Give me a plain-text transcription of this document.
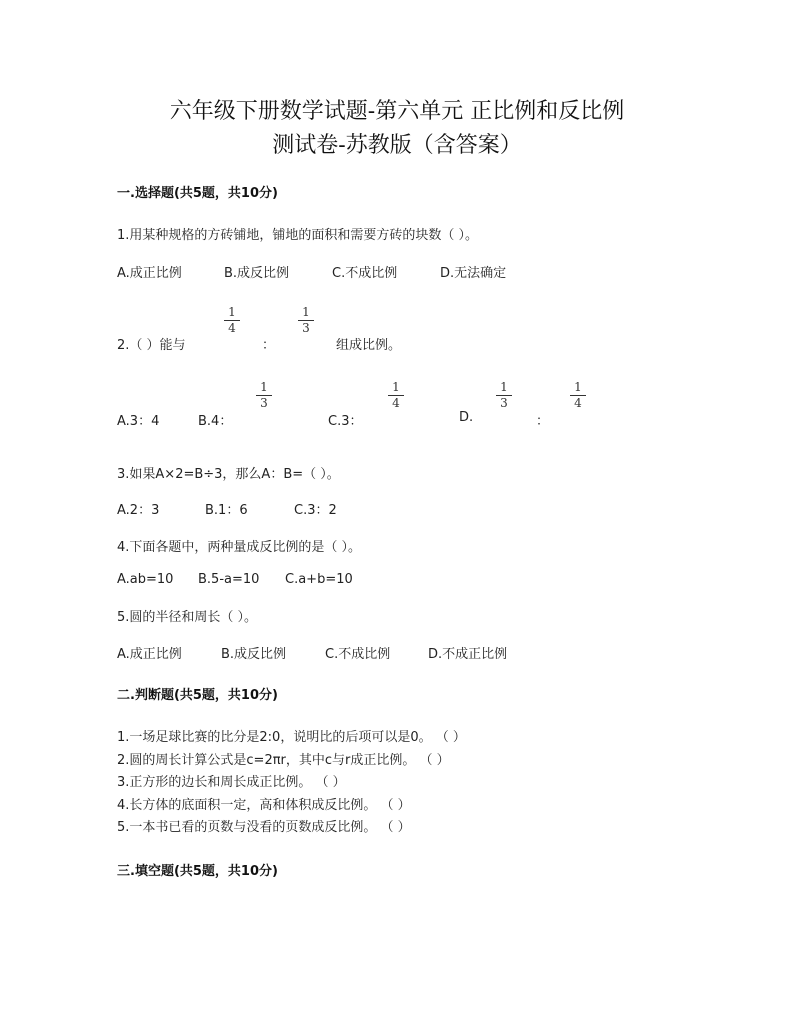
六年级下册数学试题-第六单元 正比例和反比例
测试卷-苏教版（含答案）
一.选择题(共5题，共10分)
1.用某种规格的方砖铺地，铺地的面积和需要方砖的块数（ ）。
A.成正比例	B.成反比例	C.不成比例	D.无法确定
2.（ ）能与
1
4
：
1
3
组成比例。
A.3：4	B.4：
1
3
C.3：
1
4
D.
1
3
：
1
4
3.如果A×2=B÷3，那么A：B=（ ）。
A.2：3	B.1：6	C.3：2
4.下面各题中，两种量成反比例的是（ ）。
A.ab=10 B.5-a=10 C.a+b=10
5.圆的半径和周长（ ）。
A.成正比例	B.成反比例	C.不成比例	D.不成正比例
二.判断题(共5题，共10分)
1.一场足球比赛的比分是2:0，说明比的后项可以是0。 （ ）
2.圆的周长计算公式是c=2πr，其中c与r成正比例。 （ ）
3.正方形的边长和周长成正比例。 （ ）
4.长方体的底面积一定，高和体积成反比例。 （ ）
5.一本书已看的页数与没看的页数成反比例。 （ ）
三.填空题(共5题，共10分)
